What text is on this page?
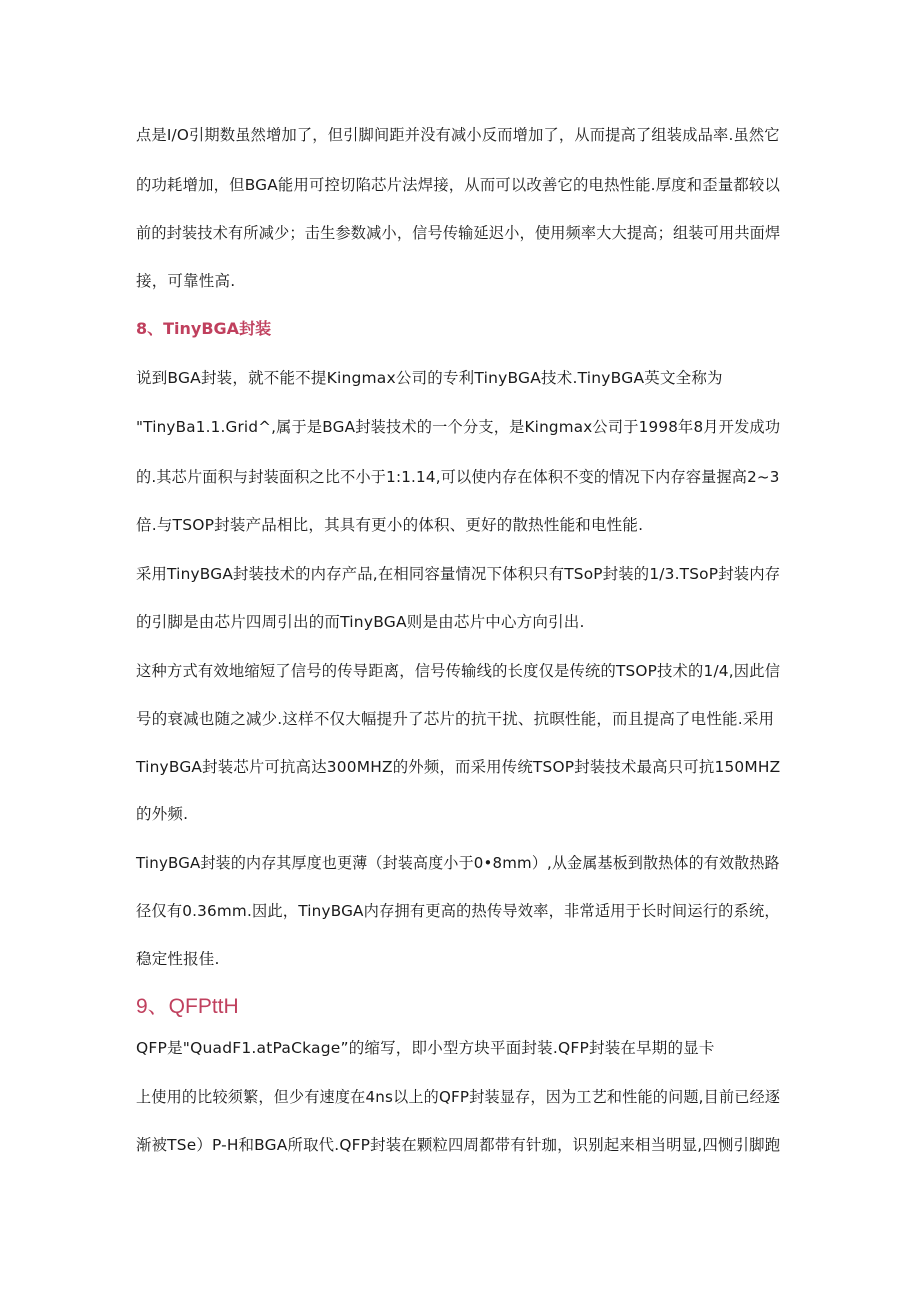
点是I/O引期数虽然增加了，但引脚间距并没有减小反而增加了，从而提高了组装成品率.虽然它
的功耗增加，但BGA能用可控切陷芯片法焊接，从而可以改善它的电热性能.厚度和歪量都较以
前的封装技术有所减少；击生参数减小，信号传输延迟小，使用频率大大提高；组装可用共面焊
接，可靠性高.
8、TinyBGA封装
说到BGA封装，就不能不提Kingmax公司的专利TinyBGA技术.TinyBGA英文全称为
"TinyBa1.1.Grid^,属于是BGA封装技术的一个分支，是Kingmax公司于1998年8月开发成功
的.其芯片面积与封装面积之比不小于1:1.14,可以使内存在体积不变的情况下内存容量握高2~3
倍.与TSOP封装产品相比，其具有更小的体积、更好的散热性能和电性能.
采用TinyBGA封装技术的内存产品,在相同容量情况下体积只有TSoP封装的1/3.TSoP封装内存
的引脚是由芯片四周引出的而TinyBGA则是由芯片中心方向引出.
这种方式有效地缩短了信号的传导距离，信号传输线的长度仅是传统的TSOP技术的1/4,因此信
号的衰减也随之减少.这样不仅大幅提升了芯片的抗干扰、抗暝性能，而且提高了电性能.采用
TinyBGA封装芯片可抗高达300MHZ的外频，而采用传统TSOP封装技术最高只可抗150MHZ
的外频.
TinyBGA封装的内存其厚度也更薄（封装高度小于0•8mm）,从金属基板到散热体的有效散热路
径仅有0.36mm.因此，TinyBGA内存拥有更高的热传导效率，非常适用于长时间运行的系统，
稳定性报佳.
9、QFPttH
QFP是"QuadF1.atPaCkage”的缩写，即小型方块平面封装.QFP封装在早期的显卡
上使用的比较须繁，但少有速度在4ns以上的QFP封装显存，因为工艺和性能的问题,目前已经逐
渐被TSe）P-H和BGA所取代.QFP封装在颗粒四周都带有针珈，识别起来相当明显,四恻引脚跑
